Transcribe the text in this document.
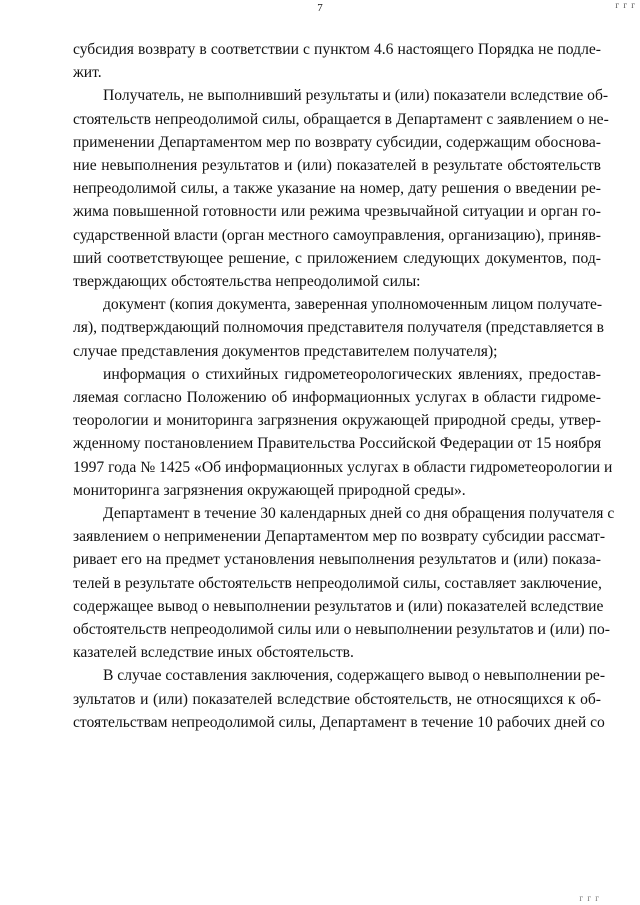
г г г
7

субсидия возврату в соответствии с пунктом 4.6 настоящего Порядка не подле-
жит.

Получатель, не выполнивший результаты и (или) показатели вследствие об-
стоятельств непреодолимой силы, обращается в Департамент с заявлением о не-
применении Департаментом мер по возврату субсидии, содержащим обоснова-
ние невыполнения результатов и (или) показателей в результате обстоятельств
непреодолимой силы, а также указание на номер, дату решения о введении ре-
жима повышенной готовности или режима чрезвычайной ситуации и орган го-
сударственной власти (орган местного самоуправления, организацию), приняв-
ший соответствующее решение, с приложением следующих документов, под-
тверждающих обстоятельства непреодолимой силы:

документ (копия документа, заверенная уполномоченным лицом получате-
ля), подтверждающий полномочия представителя получателя (представляется в
случае представления документов представителем получателя);

информация о стихийных гидрометеорологических явлениях, предостав-
ляемая согласно Положению об информационных услугах в области гидроме-
теорологии и мониторинга загрязнения окружающей природной среды, утвер-
жденному постановлением Правительства Российской Федерации от 15 ноября
1997 года № 1425 «Об информационных услугах в области гидрометеорологии и
мониторинга загрязнения окружающей природной среды».

Департамент в течение 30 календарных дней со дня обращения получателя с
заявлением о неприменении Департаментом мер по возврату субсидии рассмат-
ривает его на предмет установления невыполнения результатов и (или) показа-
телей в результате обстоятельств непреодолимой силы, составляет заключение,
содержащее вывод о невыполнении результатов и (или) показателей вследствие
обстоятельств непреодолимой силы или о невыполнении результатов и (или) по-
казателей вследствие иных обстоятельств.

В случае составления заключения, содержащего вывод о невыполнении ре-
зультатов и (или) показателей вследствие обстоятельств, не относящихся к об-
стоятельствам непреодолимой силы, Департамент в течение 10 рабочих дней со

г г г
